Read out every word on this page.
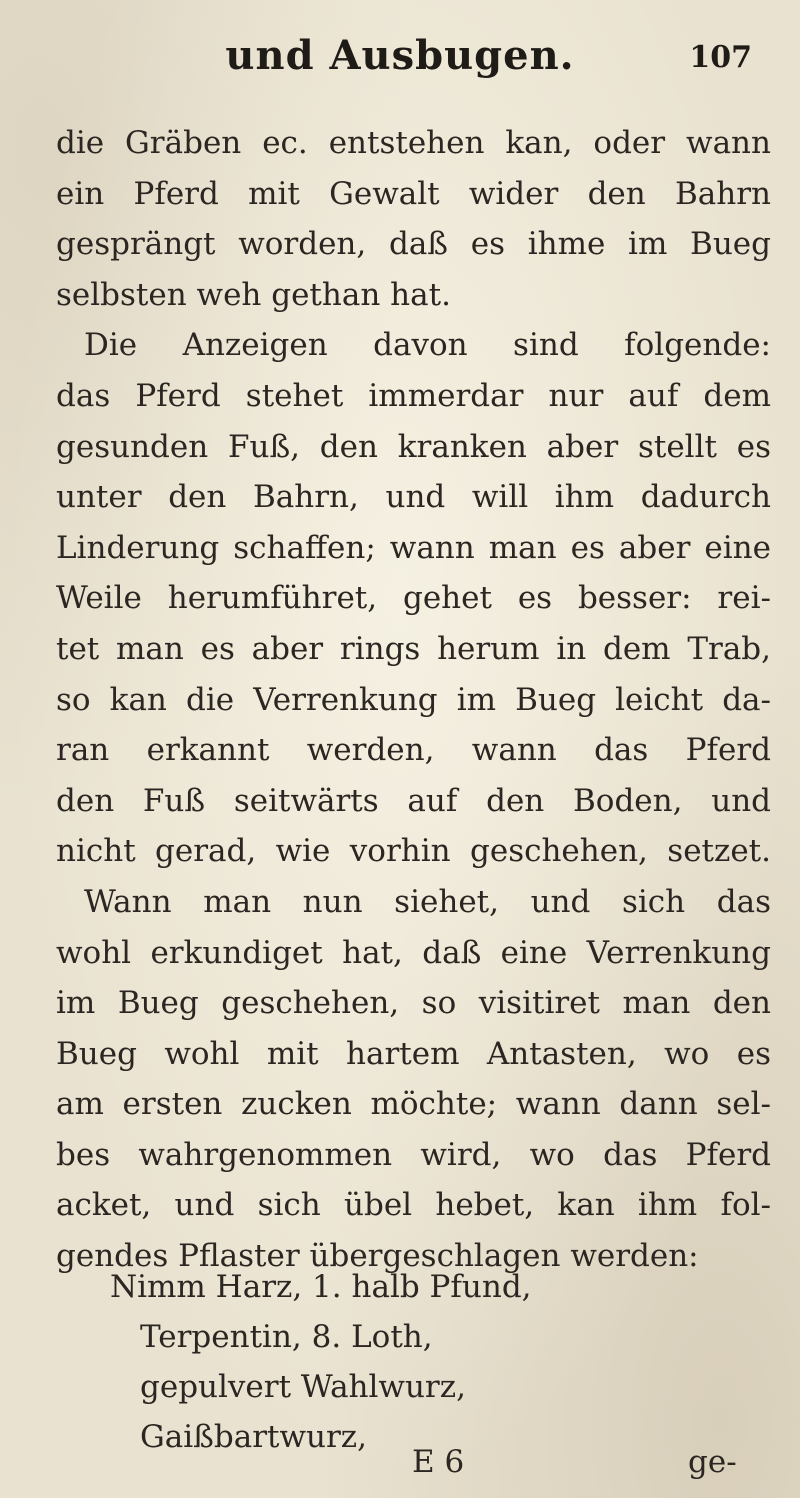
und Ausbugen.	107
die Gräben ec. entstehen kan, oder wann
ein Pferd mit Gewalt wider den Bahrn
gesprängt worden, daß es ihme im Bueg
selbsten weh gethan hat.
Die Anzeigen davon sind folgende:
das Pferd stehet immerdar nur auf dem
gesunden Fuß, den kranken aber stellt es
unter den Bahrn, und will ihm dadurch
Linderung schaffen; wann man es aber eine
Weile herumführet, gehet es besser: rei-
tet man es aber rings herum in dem Trab,
so kan die Verrenkung im Bueg leicht da-
ran erkannt werden, wann das Pferd
den Fuß seitwärts auf den Boden, und
nicht gerad, wie vorhin geschehen, setzet.
Wann man nun siehet, und sich das
wohl erkundiget hat, daß eine Verrenkung
im Bueg geschehen, so visitiret man den
Bueg wohl mit hartem Antasten, wo es
am ersten zucken möchte; wann dann sel-
bes wahrgenommen wird, wo das Pferd
acket, und sich übel hebet, kan ihm fol-
gendes Pflaster übergeschlagen werden:
Nimm Harz, 1. halb Pfund,
Terpentin, 8. Loth,
gepulvert Wahlwurz,
Gaißbartwurz,
E 6	ge-
